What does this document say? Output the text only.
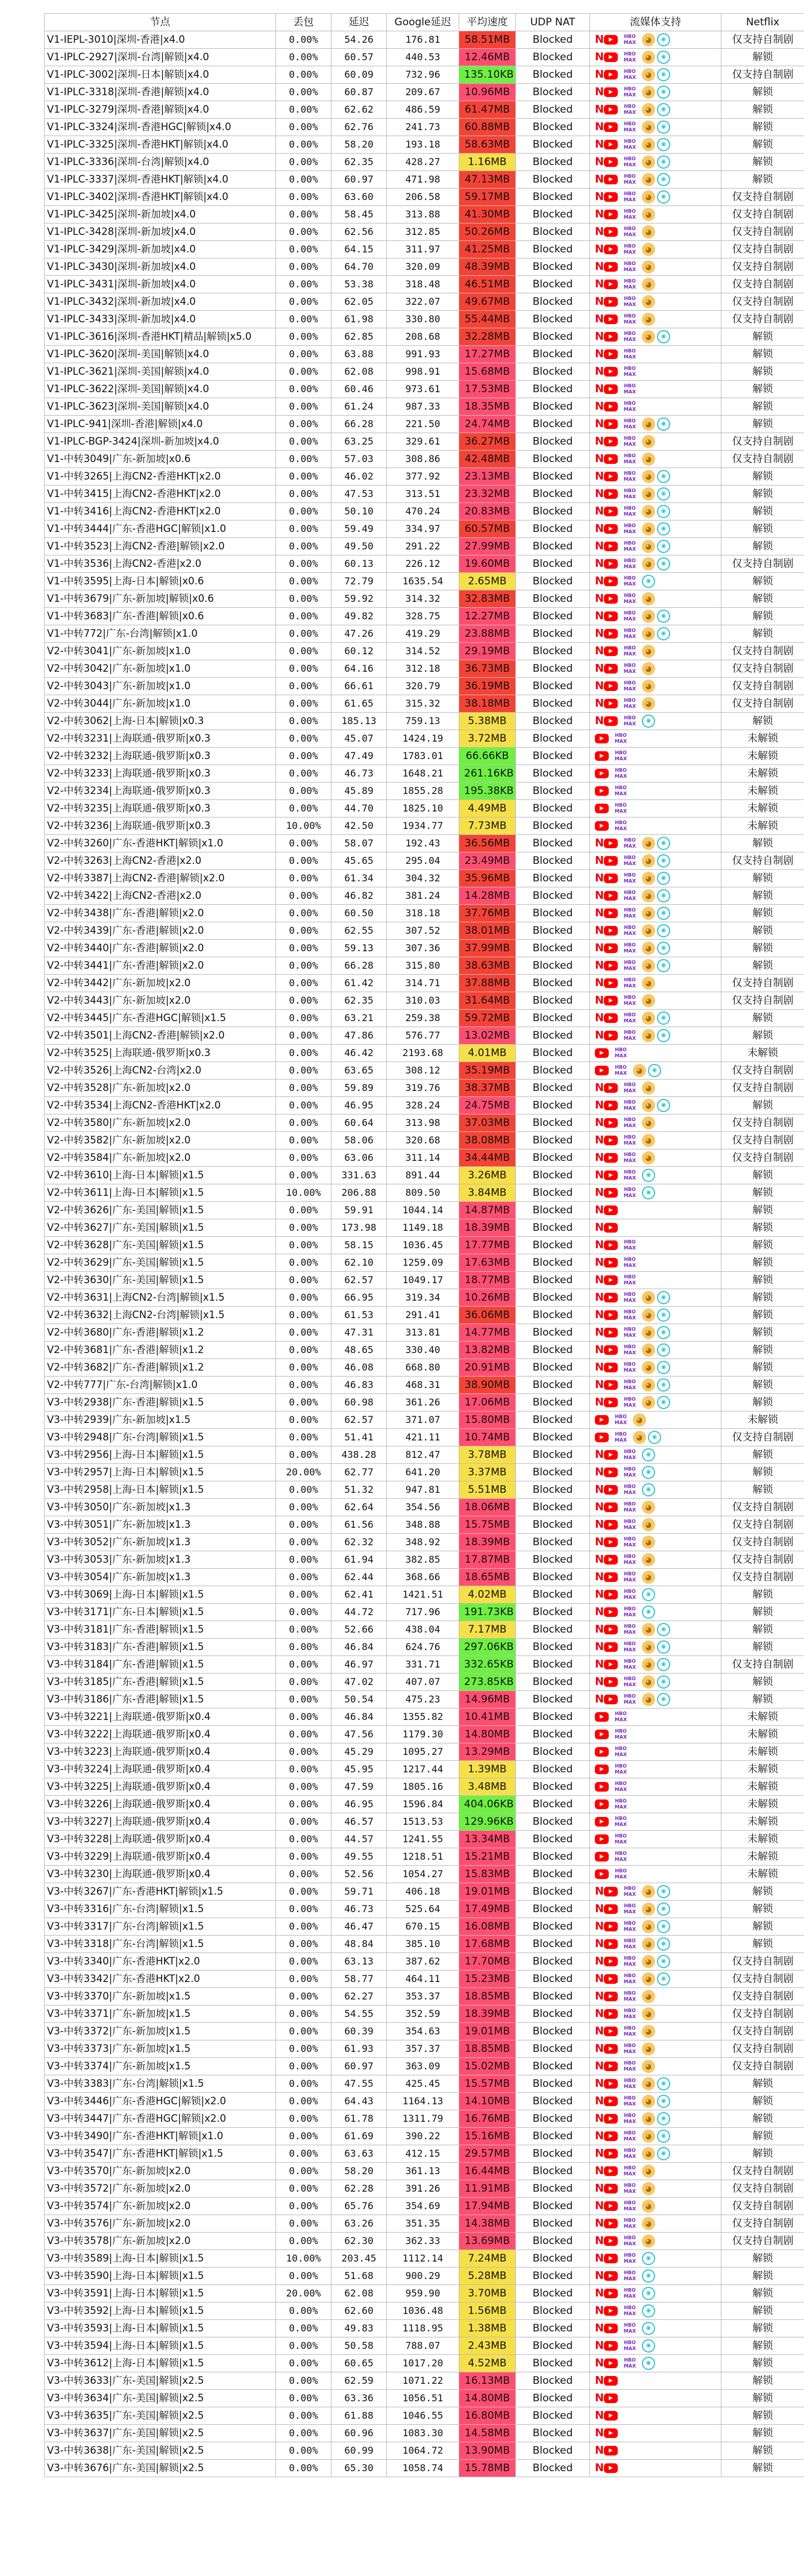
节点	丢包	延迟	Google延迟	平均速度	UDP NAT	流媒体支持	Netflix
V1-IEPL-3010|深圳-香港|x4.0	0.00%	54.26	176.81	58.51MB	Blocked	N ▶HBO
MAX ◕ ◉	仅支持自制剧
V1-IPLC-2927|深圳-台湾|解锁|x4.0	0.00%	60.57	440.53	12.46MB	Blocked	N ▶HBO
MAX ◕ ◉	解锁
V1-IPLC-3002|深圳-日本|解锁|x4.0	0.00%	60.09	732.96	135.10KB	Blocked	N ▶HBO
MAX ◕ ◉	仅支持自制剧
V1-IPLC-3318|深圳-香港|解锁|x4.0	0.00%	60.87	209.67	10.96MB	Blocked	N ▶HBO
MAX ◕ ◉	解锁
V1-IPLC-3279|深圳-香港|解锁|x4.0	0.00%	62.62	486.59	61.47MB	Blocked	N ▶HBO
MAX ◕ ◉	解锁
V1-IPLC-3324|深圳-香港HGC|解锁|x4.0	0.00%	62.76	241.73	60.88MB	Blocked	N ▶HBO
MAX ◕ ◉	解锁
V1-IPLC-3325|深圳-香港HKT|解锁|x4.0	0.00%	58.20	193.18	58.63MB	Blocked	N ▶HBO
MAX ◕ ◉	解锁
V1-IPLC-3336|深圳-台湾|解锁|x4.0	0.00%	62.35	428.27	1.16MB	Blocked	N ▶HBO
MAX ◕ ◉	解锁
V1-IPLC-3337|深圳-香港HKT|解锁|x4.0	0.00%	60.97	471.98	47.13MB	Blocked	N ▶HBO
MAX ◕ ◉	解锁
V1-IPLC-3402|深圳-香港HKT|解锁|x4.0	0.00%	63.60	206.58	59.17MB	Blocked	N ▶HBO
MAX ◕ ◉	仅支持自制剧
V1-IPLC-3425|深圳-新加坡|x4.0	0.00%	58.45	313.88	41.30MB	Blocked	N ▶HBO
MAX ◕	仅支持自制剧
V1-IPLC-3428|深圳-新加坡|x4.0	0.00%	62.56	312.85	50.26MB	Blocked	N ▶HBO
MAX ◕	仅支持自制剧
V1-IPLC-3429|深圳-新加坡|x4.0	0.00%	64.15	311.97	41.25MB	Blocked	N ▶HBO
MAX ◕	仅支持自制剧
V1-IPLC-3430|深圳-新加坡|x4.0	0.00%	64.70	320.09	48.39MB	Blocked	N ▶HBO
MAX ◕	仅支持自制剧
V1-IPLC-3431|深圳-新加坡|x4.0	0.00%	53.38	318.48	46.51MB	Blocked	N ▶HBO
MAX ◕	仅支持自制剧
V1-IPLC-3432|深圳-新加坡|x4.0	0.00%	62.05	322.07	49.67MB	Blocked	N ▶HBO
MAX ◕	仅支持自制剧
V1-IPLC-3433|深圳-新加坡|x4.0	0.00%	61.98	330.80	55.44MB	Blocked	N ▶HBO
MAX ◕	仅支持自制剧
V1-IPLC-3616|深圳-香港HKT|精品|解锁|x5.0	0.00%	62.85	208.68	32.28MB	Blocked	N ▶HBO
MAX ◕ ◉	解锁
V1-IPLC-3620|深圳-美国|解锁|x4.0	0.00%	63.88	991.93	17.27MB	Blocked	N ▶HBO
MAX	解锁
V1-IPLC-3621|深圳-美国|解锁|x4.0	0.00%	62.08	998.91	15.68MB	Blocked	N ▶HBO
MAX	解锁
V1-IPLC-3622|深圳-美国|解锁|x4.0	0.00%	60.46	973.61	17.53MB	Blocked	N ▶HBO
MAX	解锁
V1-IPLC-3623|深圳-美国|解锁|x4.0	0.00%	61.24	987.33	18.35MB	Blocked	N ▶HBO
MAX	解锁
V1-IPLC-941|深圳-香港|解锁|x4.0	0.00%	66.28	221.50	24.74MB	Blocked	N ▶HBO
MAX ◕ ◉	解锁
V1-IPLC-BGP-3424|深圳-新加坡|x4.0	0.00%	63.25	329.61	36.27MB	Blocked	N ▶HBO
MAX ◕	仅支持自制剧
V1-中转3049|广东-新加坡|x0.6	0.00%	57.03	308.86	42.48MB	Blocked	N ▶HBO
MAX ◕	仅支持自制剧
V1-中转3265|上海CN2-香港HKT|x2.0	0.00%	46.02	377.92	23.13MB	Blocked	N ▶HBO
MAX ◕ ◉	解锁
V1-中转3415|上海CN2-香港HKT|x2.0	0.00%	47.53	313.51	23.32MB	Blocked	N ▶HBO
MAX ◕ ◉	解锁
V1-中转3416|上海CN2-香港HKT|x2.0	0.00%	50.10	470.24	20.83MB	Blocked	N ▶HBO
MAX ◕ ◉	解锁
V1-中转3444|广东-香港HGC|解锁|x1.0	0.00%	59.49	334.97	60.57MB	Blocked	N ▶HBO
MAX ◕ ◉	解锁
V1-中转3523|上海CN2-香港|解锁|x2.0	0.00%	49.50	291.22	27.99MB	Blocked	N ▶HBO
MAX ◕ ◉	解锁
V1-中转3536|上海CN2-香港|x2.0	0.00%	60.13	226.12	19.60MB	Blocked	N ▶HBO
MAX ◕ ◉	仅支持自制剧
V1-中转3595|上海-日本|解锁|x0.6	0.00%	72.79	1635.54	2.65MB	Blocked	N ▶HBO
MAX ◉	解锁
V1-中转3679|广东-新加坡|解锁|x0.6	0.00%	59.92	314.32	32.83MB	Blocked	N ▶HBO
MAX ◕	解锁
V1-中转3683|广东-香港|解锁|x0.6	0.00%	49.82	328.75	12.27MB	Blocked	N ▶HBO
MAX ◕ ◉	解锁
V1-中转772|广东-台湾|解锁|x1.0	0.00%	47.26	419.29	23.88MB	Blocked	N ▶HBO
MAX ◕ ◉	解锁
V2-中转3041|广东-新加坡|x1.0	0.00%	60.12	314.52	29.19MB	Blocked	N ▶HBO
MAX ◕	仅支持自制剧
V2-中转3042|广东-新加坡|x1.0	0.00%	64.16	312.18	36.73MB	Blocked	N ▶HBO
MAX ◕	仅支持自制剧
V2-中转3043|广东-新加坡|x1.0	0.00%	66.61	320.79	36.19MB	Blocked	N ▶HBO
MAX ◕	仅支持自制剧
V2-中转3044|广东-新加坡|x1.0	0.00%	61.65	315.32	38.18MB	Blocked	N ▶HBO
MAX ◕	仅支持自制剧
V2-中转3062|上海-日本|解锁|x0.3	0.00%	185.13	759.13	5.38MB	Blocked	N ▶HBO
MAX ◉	解锁
V2-中转3231|上海联通-俄罗斯|x0.3	0.00%	45.07	1424.19	3.72MB	Blocked	▶HBO
MAX	未解锁
V2-中转3232|上海联通-俄罗斯|x0.3	0.00%	47.49	1783.01	66.66KB	Blocked	▶HBO
MAX	未解锁
V2-中转3233|上海联通-俄罗斯|x0.3	0.00%	46.73	1648.21	261.16KB	Blocked	▶HBO
MAX	未解锁
V2-中转3234|上海联通-俄罗斯|x0.3	0.00%	45.89	1855.28	195.38KB	Blocked	▶HBO
MAX	未解锁
V2-中转3235|上海联通-俄罗斯|x0.3	0.00%	44.70	1825.10	4.49MB	Blocked	▶HBO
MAX	未解锁
V2-中转3236|上海联通-俄罗斯|x0.3	10.00%	42.50	1934.77	7.73MB	Blocked	▶HBO
MAX	未解锁
V2-中转3260|广东-香港HKT|解锁|x1.0	0.00%	58.07	192.43	36.56MB	Blocked	N ▶HBO
MAX ◕ ◉	解锁
V2-中转3263|上海CN2-香港|x2.0	0.00%	45.65	295.04	23.49MB	Blocked	N ▶HBO
MAX ◕ ◉	仅支持自制剧
V2-中转3387|上海CN2-香港|解锁|x2.0	0.00%	61.34	304.32	35.96MB	Blocked	N ▶HBO
MAX ◕ ◉	解锁
V2-中转3422|上海CN2-香港|x2.0	0.00%	46.82	381.24	14.28MB	Blocked	N ▶HBO
MAX ◕ ◉	解锁
V2-中转3438|广东-香港|解锁|x2.0	0.00%	60.50	318.18	37.76MB	Blocked	N ▶HBO
MAX ◕ ◉	解锁
V2-中转3439|广东-香港|解锁|x2.0	0.00%	62.55	307.52	38.01MB	Blocked	N ▶HBO
MAX ◕ ◉	解锁
V2-中转3440|广东-香港|解锁|x2.0	0.00%	59.13	307.36	37.99MB	Blocked	N ▶HBO
MAX ◕ ◉	解锁
V2-中转3441|广东-香港|解锁|x2.0	0.00%	66.28	315.80	38.63MB	Blocked	N ▶HBO
MAX ◕ ◉	解锁
V2-中转3442|广东-新加坡|x2.0	0.00%	61.42	314.71	37.88MB	Blocked	N ▶HBO
MAX ◕	仅支持自制剧
V2-中转3443|广东-新加坡|x2.0	0.00%	62.35	310.03	31.64MB	Blocked	N ▶HBO
MAX ◕	仅支持自制剧
V2-中转3445|广东-香港HGC|解锁|x1.5	0.00%	63.21	259.38	59.72MB	Blocked	N ▶HBO
MAX ◕ ◉	解锁
V2-中转3501|上海CN2-香港|解锁|x2.0	0.00%	47.86	576.77	13.02MB	Blocked	N ▶HBO
MAX ◕ ◉	解锁
V2-中转3525|上海联通-俄罗斯|x0.3	0.00%	46.42	2193.68	4.01MB	Blocked	▶HBO
MAX	未解锁
V2-中转3526|上海CN2-台湾|x2.0	0.00%	63.65	308.12	35.19MB	Blocked	▶HBO
MAX ◕ ◉	仅支持自制剧
V2-中转3528|广东-新加坡|x2.0	0.00%	59.89	319.76	38.37MB	Blocked	N ▶HBO
MAX ◕	仅支持自制剧
V2-中转3534|上海CN2-香港HKT|x2.0	0.00%	46.95	328.24	24.75MB	Blocked	N ▶HBO
MAX ◕ ◉	解锁
V2-中转3580|广东-新加坡|x2.0	0.00%	60.64	313.98	37.03MB	Blocked	N ▶HBO
MAX ◕	仅支持自制剧
V2-中转3582|广东-新加坡|x2.0	0.00%	58.06	320.68	38.08MB	Blocked	N ▶HBO
MAX ◕	仅支持自制剧
V2-中转3584|广东-新加坡|x2.0	0.00%	63.06	311.14	34.44MB	Blocked	N ▶HBO
MAX ◕	仅支持自制剧
V2-中转3610|上海-日本|解锁|x1.5	0.00%	331.63	891.44	3.26MB	Blocked	N ▶HBO
MAX ◉	解锁
V2-中转3611|上海-日本|解锁|x1.5	10.00%	206.88	809.50	3.84MB	Blocked	N ▶HBO
MAX ◉	解锁
V2-中转3626|广东-美国|解锁|x1.5	0.00%	59.91	1044.14	14.87MB	Blocked	N ▶	解锁
V2-中转3627|广东-美国|解锁|x1.5	0.00%	173.98	1149.18	18.39MB	Blocked	N ▶	解锁
V2-中转3628|广东-美国|解锁|x1.5	0.00%	58.15	1036.45	17.77MB	Blocked	N ▶HBO
MAX	解锁
V2-中转3629|广东-美国|解锁|x1.5	0.00%	62.10	1259.09	17.63MB	Blocked	N ▶HBO
MAX	解锁
V2-中转3630|广东-美国|解锁|x1.5	0.00%	62.57	1049.17	18.77MB	Blocked	N ▶HBO
MAX	解锁
V2-中转3631|上海CN2-台湾|解锁|x1.5	0.00%	66.95	319.34	10.26MB	Blocked	N ▶HBO
MAX ◕ ◉	解锁
V2-中转3632|上海CN2-台湾|解锁|x1.5	0.00%	61.53	291.41	36.06MB	Blocked	N ▶HBO
MAX ◕ ◉	解锁
V2-中转3680|广东-香港|解锁|x1.2	0.00%	47.31	313.81	14.77MB	Blocked	N ▶HBO
MAX ◕ ◉	解锁
V2-中转3681|广东-香港|解锁|x1.2	0.00%	48.65	330.40	13.82MB	Blocked	N ▶HBO
MAX ◕ ◉	解锁
V2-中转3682|广东-香港|解锁|x1.2	0.00%	46.08	668.80	20.91MB	Blocked	N ▶HBO
MAX ◕ ◉	解锁
V2-中转777|广东-台湾|解锁|x1.0	0.00%	46.83	468.31	38.90MB	Blocked	N ▶HBO
MAX ◕ ◉	解锁
V3-中转2938|广东-香港|解锁|x1.5	0.00%	60.98	361.26	17.06MB	Blocked	N ▶HBO
MAX ◕ ◉	解锁
V3-中转2939|广东-新加坡|x1.5	0.00%	62.57	371.07	15.80MB	Blocked	▶HBO
MAX ◕	未解锁
V3-中转2948|广东-台湾|解锁|x1.5	0.00%	51.41	421.11	10.74MB	Blocked	▶HBO
MAX ◕ ◉	仅支持自制剧
V3-中转2956|上海-日本|解锁|x1.5	0.00%	438.28	812.47	3.78MB	Blocked	N ▶HBO
MAX ◉	解锁
V3-中转2957|上海-日本|解锁|x1.5	20.00%	62.77	641.20	3.37MB	Blocked	N ▶HBO
MAX ◉	解锁
V3-中转2958|上海-日本|解锁|x1.5	0.00%	51.32	947.81	5.51MB	Blocked	N ▶HBO
MAX ◉	解锁
V3-中转3050|广东-新加坡|x1.3	0.00%	62.64	354.56	18.06MB	Blocked	N ▶HBO
MAX ◕	仅支持自制剧
V3-中转3051|广东-新加坡|x1.3	0.00%	61.56	348.88	15.75MB	Blocked	N ▶HBO
MAX ◕	仅支持自制剧
V3-中转3052|广东-新加坡|x1.3	0.00%	62.32	348.92	18.39MB	Blocked	N ▶HBO
MAX ◕	仅支持自制剧
V3-中转3053|广东-新加坡|x1.3	0.00%	61.94	382.85	17.87MB	Blocked	N ▶HBO
MAX ◕	仅支持自制剧
V3-中转3054|广东-新加坡|x1.3	0.00%	62.44	368.66	18.65MB	Blocked	N ▶HBO
MAX ◕	仅支持自制剧
V3-中转3069|上海-日本|解锁|x1.5	0.00%	62.41	1421.51	4.02MB	Blocked	N ▶HBO
MAX ◉	解锁
V3-中转3171|广东-日本|解锁|x1.5	0.00%	44.72	717.96	191.73KB	Blocked	N ▶HBO
MAX ◉	解锁
V3-中转3181|广东-香港|解锁|x1.5	0.00%	52.66	438.04	7.17MB	Blocked	N ▶HBO
MAX ◕ ◉	解锁
V3-中转3183|广东-香港|解锁|x1.5	0.00%	46.84	624.76	297.06KB	Blocked	N ▶HBO
MAX ◕ ◉	解锁
V3-中转3184|广东-香港|解锁|x1.5	0.00%	46.97	331.71	332.65KB	Blocked	N ▶HBO
MAX ◕ ◉	仅支持自制剧
V3-中转3185|广东-香港|解锁|x1.5	0.00%	47.02	407.07	273.85KB	Blocked	N ▶HBO
MAX ◕ ◉	解锁
V3-中转3186|广东-香港|解锁|x1.5	0.00%	50.54	475.23	14.96MB	Blocked	N ▶HBO
MAX ◕ ◉	解锁
V3-中转3221|上海联通-俄罗斯|x0.4	0.00%	46.84	1355.82	10.41MB	Blocked	▶HBO
MAX	未解锁
V3-中转3222|上海联通-俄罗斯|x0.4	0.00%	47.56	1179.30	14.80MB	Blocked	▶HBO
MAX	未解锁
V3-中转3223|上海联通-俄罗斯|x0.4	0.00%	45.29	1095.27	13.29MB	Blocked	▶HBO
MAX	未解锁
V3-中转3224|上海联通-俄罗斯|x0.4	0.00%	45.95	1217.44	1.39MB	Blocked	▶HBO
MAX	未解锁
V3-中转3225|上海联通-俄罗斯|x0.4	0.00%	47.59	1805.16	3.48MB	Blocked	▶HBO
MAX	未解锁
V3-中转3226|上海联通-俄罗斯|x0.4	0.00%	46.95	1596.84	404.06KB	Blocked	▶HBO
MAX	未解锁
V3-中转3227|上海联通-俄罗斯|x0.4	0.00%	46.57	1513.53	129.96KB	Blocked	▶HBO
MAX	未解锁
V3-中转3228|上海联通-俄罗斯|x0.4	0.00%	44.57	1241.55	13.34MB	Blocked	▶HBO
MAX	未解锁
V3-中转3229|上海联通-俄罗斯|x0.4	0.00%	49.55	1218.51	15.21MB	Blocked	▶HBO
MAX	未解锁
V3-中转3230|上海联通-俄罗斯|x0.4	0.00%	52.56	1054.27	15.83MB	Blocked	▶HBO
MAX	未解锁
V3-中转3267|广东-香港HKT|解锁|x1.5	0.00%	59.71	406.18	19.01MB	Blocked	N ▶HBO
MAX ◕ ◉	解锁
V3-中转3316|广东-台湾|解锁|x1.5	0.00%	46.73	525.64	17.49MB	Blocked	N ▶HBO
MAX ◕ ◉	解锁
V3-中转3317|广东-台湾|解锁|x1.5	0.00%	46.47	670.15	16.08MB	Blocked	N ▶HBO
MAX ◕ ◉	解锁
V3-中转3318|广东-台湾|解锁|x1.5	0.00%	48.84	385.10	17.68MB	Blocked	N ▶HBO
MAX ◕ ◉	解锁
V3-中转3340|广东-香港HKT|x2.0	0.00%	63.13	387.62	17.70MB	Blocked	N ▶HBO
MAX ◕ ◉	仅支持自制剧
V3-中转3342|广东-香港HKT|x2.0	0.00%	58.77	464.11	15.23MB	Blocked	N ▶HBO
MAX ◕ ◉	仅支持自制剧
V3-中转3370|广东-新加坡|x1.5	0.00%	62.27	353.37	18.85MB	Blocked	N ▶HBO
MAX ◕	仅支持自制剧
V3-中转3371|广东-新加坡|x1.5	0.00%	54.55	352.59	18.39MB	Blocked	N ▶HBO
MAX ◕	仅支持自制剧
V3-中转3372|广东-新加坡|x1.5	0.00%	60.39	354.63	19.01MB	Blocked	N ▶HBO
MAX ◕	仅支持自制剧
V3-中转3373|广东-新加坡|x1.5	0.00%	61.93	357.37	18.85MB	Blocked	N ▶HBO
MAX ◕	仅支持自制剧
V3-中转3374|广东-新加坡|x1.5	0.00%	60.97	363.09	15.02MB	Blocked	N ▶HBO
MAX ◕	仅支持自制剧
V3-中转3383|广东-台湾|解锁|x1.5	0.00%	47.55	425.45	15.57MB	Blocked	N ▶HBO
MAX ◕ ◉	解锁
V3-中转3446|广东-香港HGC|解锁|x2.0	0.00%	64.43	1164.13	14.10MB	Blocked	N ▶HBO
MAX ◕ ◉	解锁
V3-中转3447|广东-香港HGC|解锁|x2.0	0.00%	61.78	1311.79	16.76MB	Blocked	N ▶HBO
MAX ◕ ◉	解锁
V3-中转3490|广东-香港HKT|解锁|x1.0	0.00%	61.69	390.22	15.16MB	Blocked	N ▶HBO
MAX ◕ ◉	解锁
V3-中转3547|广东-香港HKT|解锁|x1.5	0.00%	63.63	412.15	29.57MB	Blocked	N ▶HBO
MAX ◕ ◉	解锁
V3-中转3570|广东-新加坡|x2.0	0.00%	58.20	361.13	16.44MB	Blocked	N ▶HBO
MAX ◕	仅支持自制剧
V3-中转3572|广东-新加坡|x2.0	0.00%	62.28	391.26	11.91MB	Blocked	N ▶HBO
MAX ◕	仅支持自制剧
V3-中转3574|广东-新加坡|x2.0	0.00%	65.76	354.69	17.94MB	Blocked	N ▶HBO
MAX ◕	仅支持自制剧
V3-中转3576|广东-新加坡|x2.0	0.00%	63.26	351.35	14.38MB	Blocked	N ▶HBO
MAX ◕	仅支持自制剧
V3-中转3578|广东-新加坡|x2.0	0.00%	62.30	362.33	13.69MB	Blocked	N ▶HBO
MAX ◕	仅支持自制剧
V3-中转3589|上海-日本|解锁|x1.5	10.00%	203.45	1112.14	7.24MB	Blocked	N ▶HBO
MAX ◉	解锁
V3-中转3590|上海-日本|解锁|x1.5	0.00%	51.68	900.29	5.28MB	Blocked	N ▶HBO
MAX ◉	解锁
V3-中转3591|上海-日本|解锁|x1.5	20.00%	62.08	959.90	3.70MB	Blocked	N ▶HBO
MAX ◉	解锁
V3-中转3592|上海-日本|解锁|x1.5	0.00%	62.60	1036.48	1.56MB	Blocked	N ▶HBO
MAX ◉	解锁
V3-中转3593|上海-日本|解锁|x1.5	0.00%	49.83	1118.95	1.38MB	Blocked	N ▶HBO
MAX ◉	解锁
V3-中转3594|上海-日本|解锁|x1.5	0.00%	50.58	788.07	2.43MB	Blocked	N ▶HBO
MAX ◉	解锁
V3-中转3612|上海-日本|解锁|x1.5	0.00%	60.65	1017.20	4.52MB	Blocked	N ▶HBO
MAX ◉	解锁
V3-中转3633|广东-美国|解锁|x2.5	0.00%	62.59	1071.22	16.13MB	Blocked	N ▶	解锁
V3-中转3634|广东-美国|解锁|x2.5	0.00%	63.36	1056.51	14.80MB	Blocked	N ▶	解锁
V3-中转3635|广东-美国|解锁|x2.5	0.00%	61.88	1046.55	16.80MB	Blocked	N ▶	解锁
V3-中转3637|广东-美国|解锁|x2.5	0.00%	60.96	1083.30	14.58MB	Blocked	N ▶	解锁
V3-中转3638|广东-美国|解锁|x2.5	0.00%	60.99	1064.72	13.90MB	Blocked	N ▶	解锁
V3-中转3676|广东-美国|解锁|x2.5	0.00%	65.30	1058.74	15.78MB	Blocked	N ▶	解锁
